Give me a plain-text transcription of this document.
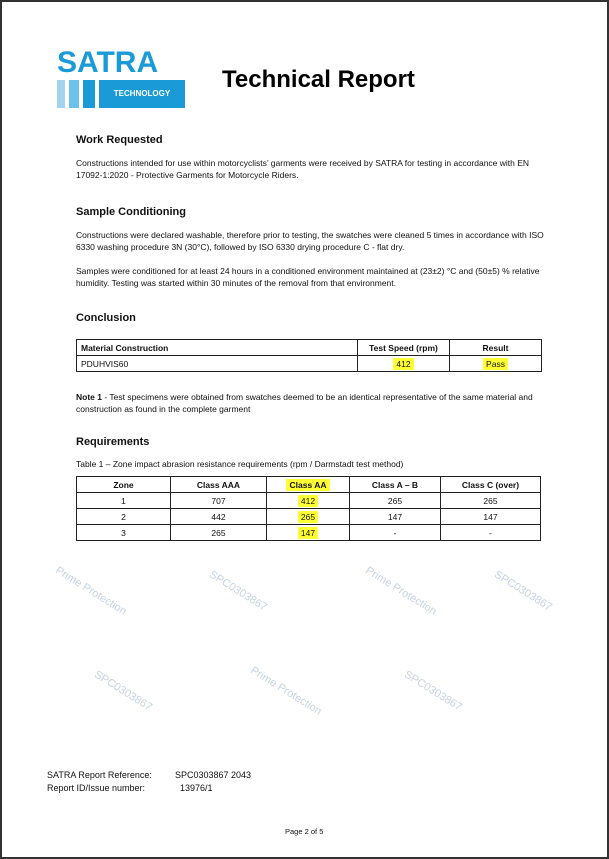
Prime Protection	SPC0303867	Prime Protection	SPC0303867
SPC0303867	Prime Protection	SPC0303867
SATRA
TECHNOLOGY
Technical Report
Work Requested
Constructions intended for use within motorcyclists’ garments were received by SATRA for testing in accordance with EN 17092-1:2020 - Protective Garments for Motorcycle Riders.
Sample Conditioning
Constructions were declared washable, therefore prior to testing, the swatches were cleaned 5 times in accordance with ISO 6330 washing procedure 3N (30°C), followed by ISO 6330 drying procedure C - flat dry.
Samples were conditioned for at least 24 hours in a conditioned environment maintained at (23±2) °C and (50±5) % relative humidity. Testing was started within 30 minutes of the removal from that environment.
Conclusion
Material Construction	Test Speed (rpm)	Result
PDUHVIS60	412	Pass
Note 1 - Test specimens were obtained from swatches deemed to be an identical representative of the same material and construction as found in the complete garment
Requirements
Table 1 – Zone impact abrasion resistance requirements (rpm / Darmstadt test method)
Zone	Class AAA	Class AA	Class A – B	Class C (over)
1	707	412	265	265
2	442	265	147	147
3	265	147	-	-
SATRA Report Reference:	SPC0303867 2043
Report ID/Issue number:	13976/1
Page 2 of 5
